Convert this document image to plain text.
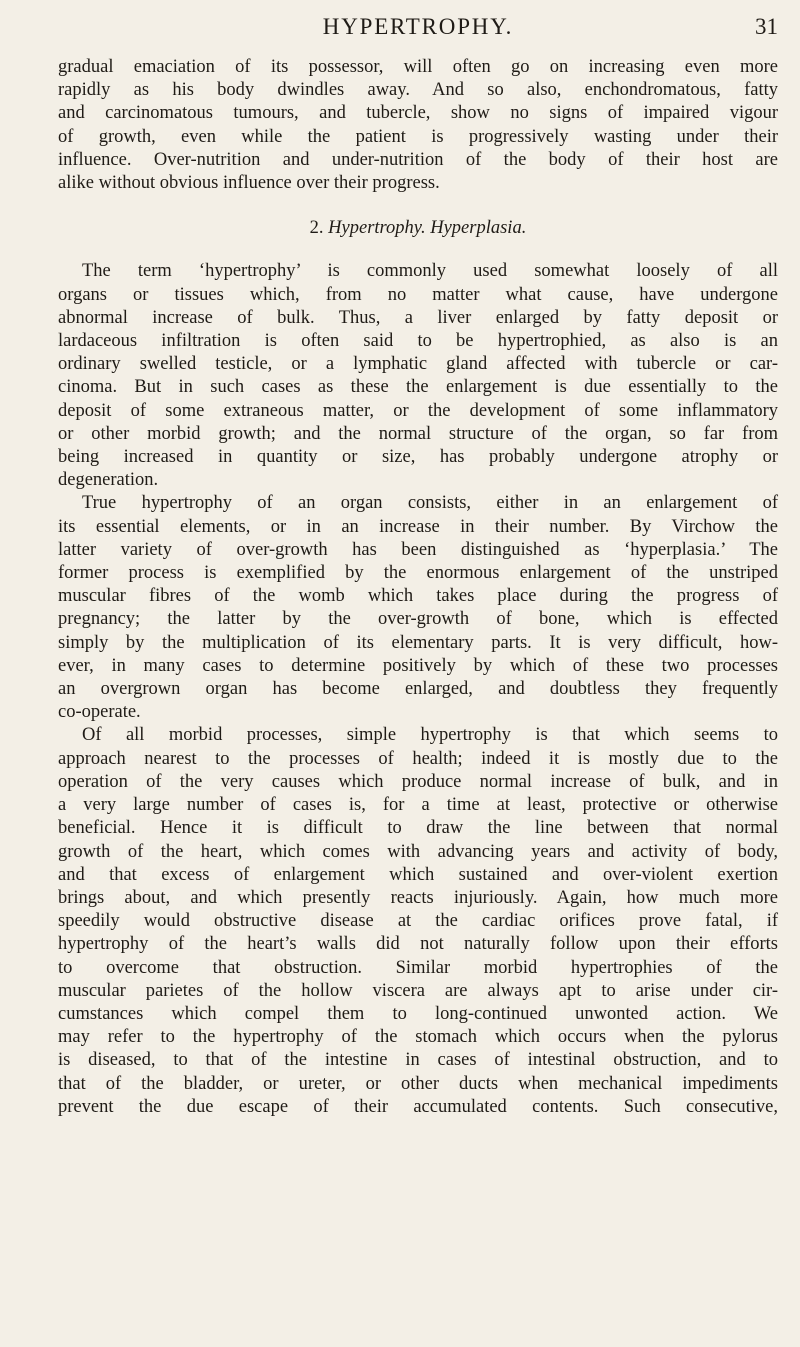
HYPERTROPHY.	31
gradual emaciation of its possessor, will often go on increasing even more
rapidly as his body dwindles away. And so also, enchondromatous, fatty
and carcinomatous tumours, and tubercle, show no signs of impaired vigour
of growth, even while the patient is progressively wasting under their
influence. Over-nutrition and under-nutrition of the body of their host are
alike without obvious influence over their progress.
2. Hypertrophy. Hyperplasia.
The term ‘hypertrophy’ is commonly used somewhat loosely of all
organs or tissues which, from no matter what cause, have undergone
abnormal increase of bulk. Thus, a liver enlarged by fatty deposit or
lardaceous infiltration is often said to be hypertrophied, as also is an
ordinary swelled testicle, or a lymphatic gland affected with tubercle or car-
cinoma. But in such cases as these the enlargement is due essentially to the
deposit of some extraneous matter, or the development of some inflammatory
or other morbid growth; and the normal structure of the organ, so far from
being increased in quantity or size, has probably undergone atrophy or
degeneration.
True hypertrophy of an organ consists, either in an enlargement of
its essential elements, or in an increase in their number. By Virchow the
latter variety of over-growth has been distinguished as ‘hyperplasia.’ The
former process is exemplified by the enormous enlargement of the unstriped
muscular fibres of the womb which takes place during the progress of
pregnancy; the latter by the over-growth of bone, which is effected
simply by the multiplication of its elementary parts. It is very difficult, how-
ever, in many cases to determine positively by which of these two processes
an overgrown organ has become enlarged, and doubtless they frequently
co-operate.
Of all morbid processes, simple hypertrophy is that which seems to
approach nearest to the processes of health; indeed it is mostly due to the
operation of the very causes which produce normal increase of bulk, and in
a very large number of cases is, for a time at least, protective or otherwise
beneficial. Hence it is difficult to draw the line between that normal
growth of the heart, which comes with advancing years and activity of body,
and that excess of enlargement which sustained and over-violent exertion
brings about, and which presently reacts injuriously. Again, how much more
speedily would obstructive disease at the cardiac orifices prove fatal, if
hypertrophy of the heart’s walls did not naturally follow upon their efforts
to overcome that obstruction. Similar morbid hypertrophies of the
muscular parietes of the hollow viscera are always apt to arise under cir-
cumstances which compel them to long-continued unwonted action. We
may refer to the hypertrophy of the stomach which occurs when the pylorus
is diseased, to that of the intestine in cases of intestinal obstruction, and to
that of the bladder, or ureter, or other ducts when mechanical impediments
prevent the due escape of their accumulated contents. Such consecutive,
